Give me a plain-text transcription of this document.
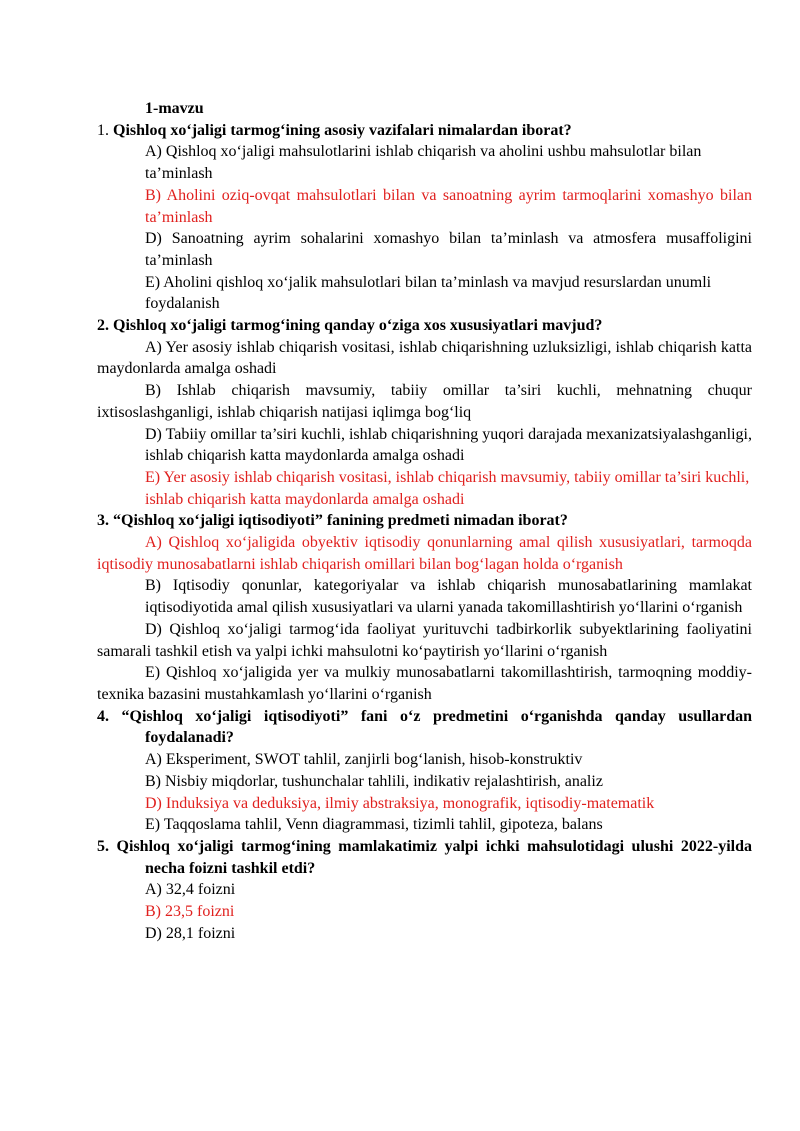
1-mavzu

1. Qishloq xo‘jaligi tarmog‘ining asosiy vazifalari nimalardan iborat?

A) Qishloq xo‘jaligi mahsulotlarini ishlab chiqarish va aholini ushbu mahsulotlar bilan ta’minlash

B) Aholini oziq-ovqat mahsulotlari bilan va sanoatning ayrim tarmoqlarini xomashyo bilan ta’minlash

D) Sanoatning ayrim sohalarini xomashyo bilan ta’minlash va atmosfera musaffoligini ta’minlash

E) Aholini qishloq xo‘jalik mahsulotlari bilan ta’minlash va mavjud resurslardan unumli foydalanish

2. Qishloq xo‘jaligi tarmog‘ining qanday o‘ziga xos xususiyatlari mavjud?

A) Yer asosiy ishlab chiqarish vositasi, ishlab chiqarishning uzluksizligi, ishlab chiqarish katta maydonlarda amalga oshadi

B) Ishlab chiqarish mavsumiy, tabiiy omillar ta’siri kuchli, mehnatning chuqur ixtisoslashganligi, ishlab chiqarish natijasi iqlimga bog‘liq

D) Tabiiy omillar ta’siri kuchli, ishlab chiqarishning yuqori darajada mexanizatsiyalashganligi, ishlab chiqarish katta maydonlarda amalga oshadi

E) Yer asosiy ishlab chiqarish vositasi, ishlab chiqarish mavsumiy, tabiiy omillar ta’siri kuchli, ishlab chiqarish katta maydonlarda amalga oshadi

3. “Qishloq xo‘jaligi iqtisodiyoti” fanining predmeti nimadan iborat?

A) Qishloq xo‘jaligida obyektiv iqtisodiy qonunlarning amal qilish xususiyatlari, tarmoqda iqtisodiy munosabatlarni ishlab chiqarish omillari bilan bog‘lagan holda o‘rganish

B) Iqtisodiy qonunlar, kategoriyalar va ishlab chiqarish munosabatlarining mamlakat iqtisodiyotida amal qilish xususiyatlari va ularni yanada takomillashtirish yo‘llarini o‘rganish

D) Qishloq xo‘jaligi tarmog‘ida faoliyat yurituvchi tadbirkorlik subyektlarining faoliyatini samarali tashkil etish va yalpi ichki mahsulotni ko‘paytirish yo‘llarini o‘rganish

E) Qishloq xo‘jaligida yer va mulkiy munosabatlarni takomillashtirish, tarmoqning moddiy-texnika bazasini mustahkamlash yo‘llarini o‘rganish

4. “Qishloq xo‘jaligi iqtisodiyoti” fani o‘z predmetini o‘rganishda qanday usullardan foydalanadi?

A) Eksperiment, SWOT tahlil, zanjirli bog‘lanish, hisob-konstruktiv

B) Nisbiy miqdorlar, tushunchalar tahlili, indikativ rejalashtirish, analiz

D) Induksiya va deduksiya, ilmiy abstraksiya, monografik, iqtisodiy-matematik

E) Taqqoslama tahlil, Venn diagrammasi, tizimli tahlil, gipoteza, balans

5. Qishloq xo‘jaligi tarmog‘ining mamlakatimiz yalpi ichki mahsulotidagi ulushi 2022-yilda necha foizni tashkil etdi?

A) 32,4 foizni

B) 23,5 foizni

D) 28,1 foizni
